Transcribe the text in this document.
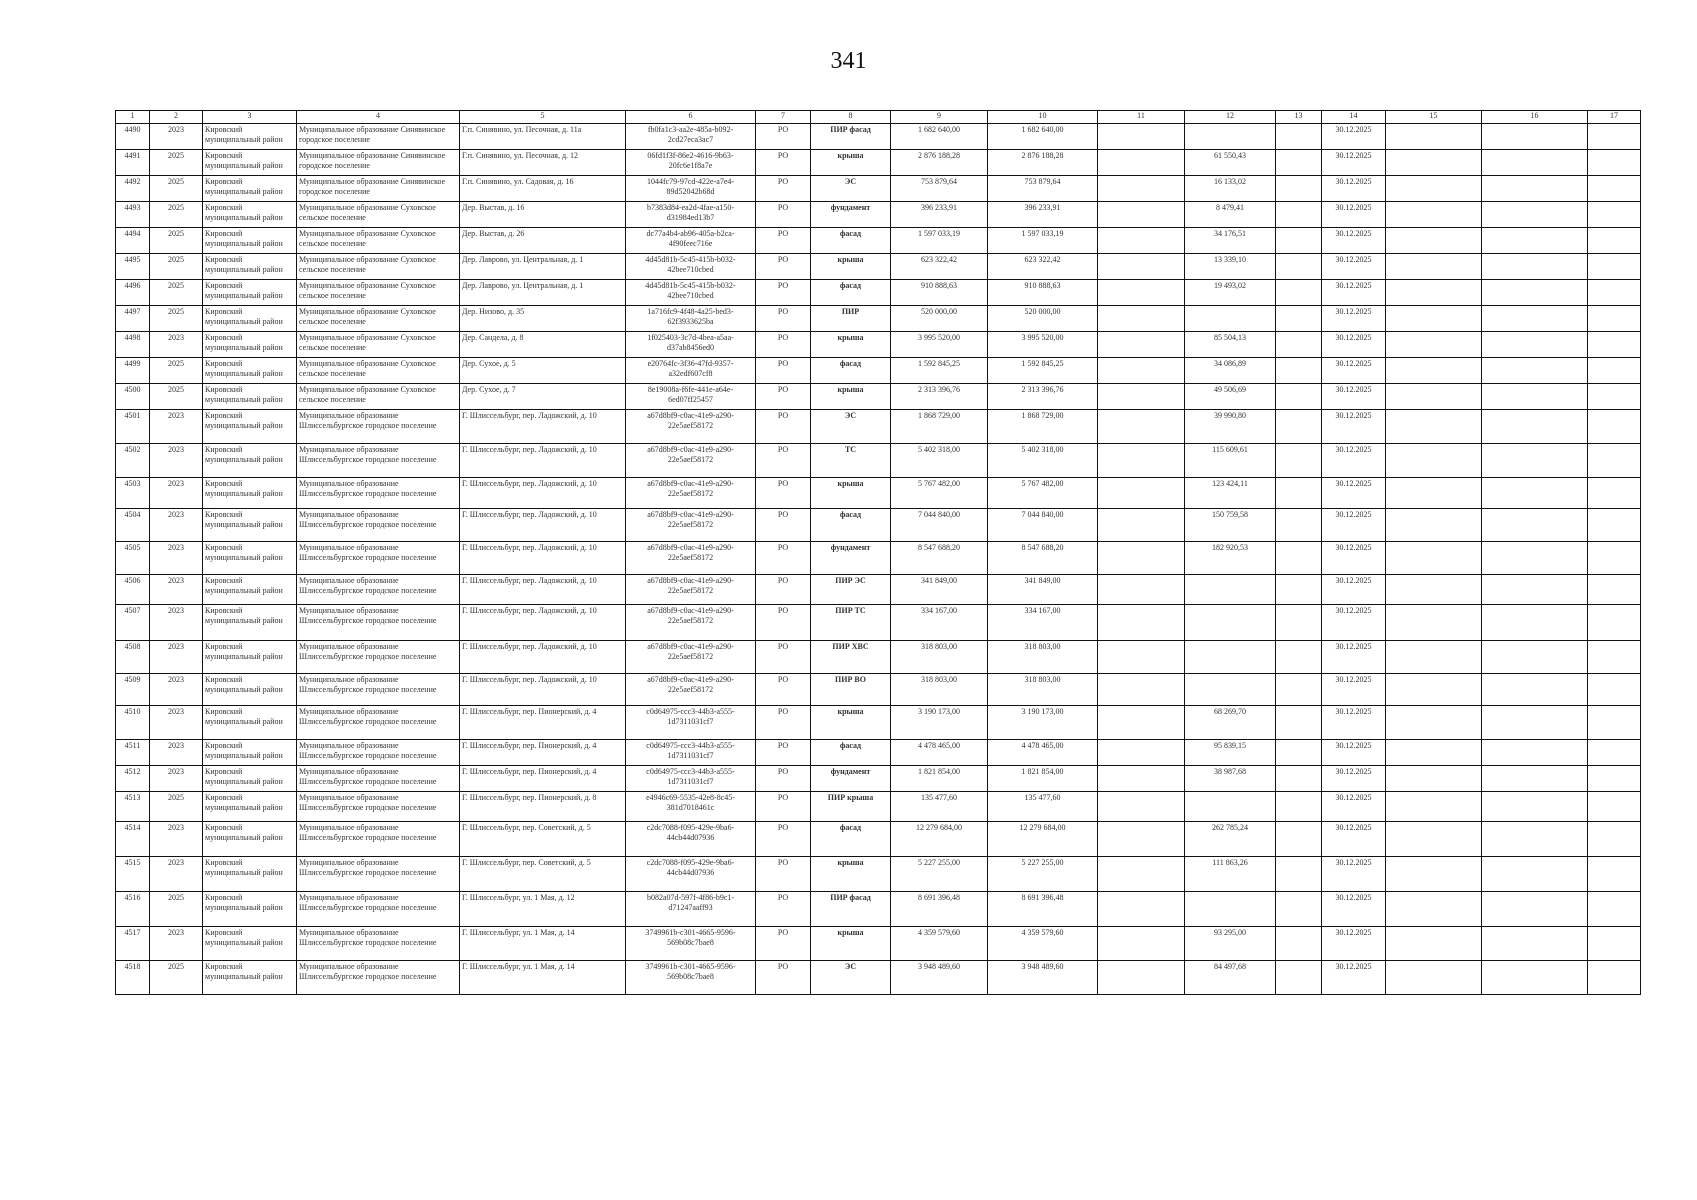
341
1	2	3	4	5	6	7	8	9	10	11	12	13	14	15	16	17
4490	2023	Кировский муниципальный район	Муниципальное образование Синявинское городское поселение	Г.п. Синявино, ул. Песочная, д. 11а	fb0fa1c3-aa2e-485a-b092-2cd27eca3ac7	РО	ПИР фасад	1 682 640,00	1 682 640,00				30.12.2025			
4491	2025	Кировский муниципальный район	Муниципальное образование Синявинское городское поселение	Г.п. Синявино, ул. Песочная, д. 12	06fd1f3f-86e2-4616-9b63-20fc6e1f8a7e	РО	крыша	2 876 188,28	2 876 188,28		61 550,43		30.12.2025			
4492	2025	Кировский муниципальный район	Муниципальное образование Синявинское городское поселение	Г.п. Синявино, ул. Садовая, д. 16	1044fc79-97cd-422e-a7e4-89d52042b68d	РО	ЭС	753 879,64	753 879,64		16 133,02		30.12.2025			
4493	2025	Кировский муниципальный район	Муниципальное образование Суховское сельское поселение	Дер. Выстав, д. 16	b7383d84-ea2d-4fae-a150-d31984ed13b7	РО	фундамент	396 233,91	396 233,91		8 479,41		30.12.2025			
4494	2025	Кировский муниципальный район	Муниципальное образование Суховское сельское поселение	Дер. Выстав, д. 26	dc77a4b4-ab96-405a-b2ca-4f90feec716e	РО	фасад	1 597 033,19	1 597 033,19		34 176,51		30.12.2025			
4495	2025	Кировский муниципальный район	Муниципальное образование Суховское сельское поселение	Дер. Лаврово, ул. Центральная, д. 1	4d45d81b-5c45-415b-b032-42bee710cbed	РО	крыша	623 322,42	623 322,42		13 339,10		30.12.2025			
4496	2025	Кировский муниципальный район	Муниципальное образование Суховское сельское поселение	Дер. Лаврово, ул. Центральная, д. 1	4d45d81b-5c45-415b-b032-42bee710cbed	РО	фасад	910 888,63	910 888,63		19 493,02		30.12.2025			
4497	2025	Кировский муниципальный район	Муниципальное образование Суховское сельское поселение	Дер. Низово, д. 35	1a716fc9-4f48-4a25-bed3-62f3933625ba	РО	ПИР	520 000,00	520 000,00				30.12.2025			
4498	2023	Кировский муниципальный район	Муниципальное образование Суховское сельское поселение	Дер. Сандела, д. 8	1f025403-3c7d-4bea-a5aa-d37ab8456ed0	РО	крыша	3 995 520,00	3 995 520,00		85 504,13		30.12.2025			
4499	2025	Кировский муниципальный район	Муниципальное образование Суховское сельское поселение	Дер. Сухое, д. 5	e20764fc-3f36-47fd-9357-a32edf607cf8	РО	фасад	1 592 845,25	1 592 845,25		34 086,89		30.12.2025			
4500	2025	Кировский муниципальный район	Муниципальное образование Суховское сельское поселение	Дер. Сухое, д. 7	8e19008a-f6fe-441e-a64e-6ed07ff25457	РО	крыша	2 313 396,76	2 313 396,76		49 506,69		30.12.2025			
4501	2023	Кировский муниципальный район	Муниципальное образование Шлиссельбургское городское поселение	Г. Шлиссельбург, пер. Ладожский, д. 10	a67d8bf9-c0ac-41e9-a290-22e5aef58172	РО	ЭС	1 868 729,00	1 868 729,00		39 990,80		30.12.2025			
4502	2023	Кировский муниципальный район	Муниципальное образование Шлиссельбургское городское поселение	Г. Шлиссельбург, пер. Ладожский, д. 10	a67d8bf9-c0ac-41e9-a290-22e5aef58172	РО	ТС	5 402 318,00	5 402 318,00		115 609,61		30.12.2025			
4503	2023	Кировский муниципальный район	Муниципальное образование Шлиссельбургское городское поселение	Г. Шлиссельбург, пер. Ладожский, д. 10	a67d8bf9-c0ac-41e9-a290-22e5aef58172	РО	крыша	5 767 482,00	5 767 482,00		123 424,11		30.12.2025			
4504	2023	Кировский муниципальный район	Муниципальное образование Шлиссельбургское городское поселение	Г. Шлиссельбург, пер. Ладожский, д. 10	a67d8bf9-c0ac-41e9-a290-22e5aef58172	РО	фасад	7 044 840,00	7 044 840,00		150 759,58		30.12.2025			
4505	2023	Кировский муниципальный район	Муниципальное образование Шлиссельбургское городское поселение	Г. Шлиссельбург, пер. Ладожский, д. 10	a67d8bf9-c0ac-41e9-a290-22e5aef58172	РО	фундамент	8 547 688,20	8 547 688,20		182 920,53		30.12.2025			
4506	2023	Кировский муниципальный район	Муниципальное образование Шлиссельбургское городское поселение	Г. Шлиссельбург, пер. Ладожский, д. 10	a67d8bf9-c0ac-41e9-a290-22e5aef58172	РО	ПИР ЭС	341 849,00	341 849,00				30.12.2025			
4507	2023	Кировский муниципальный район	Муниципальное образование Шлиссельбургское городское поселение	Г. Шлиссельбург, пер. Ладожский, д. 10	a67d8bf9-c0ac-41e9-a290-22e5aef58172	РО	ПИР ТС	334 167,00	334 167,00				30.12.2025			
4508	2023	Кировский муниципальный район	Муниципальное образование Шлиссельбургское городское поселение	Г. Шлиссельбург, пер. Ладожский, д. 10	a67d8bf9-c0ac-41e9-a290-22e5aef58172	РО	ПИР ХВС	318 803,00	318 803,00				30.12.2025			
4509	2023	Кировский муниципальный район	Муниципальное образование Шлиссельбургское городское поселение	Г. Шлиссельбург, пер. Ладожский, д. 10	a67d8bf9-c0ac-41e9-a290-22e5aef58172	РО	ПИР ВО	318 803,00	318 803,00				30.12.2025			
4510	2023	Кировский муниципальный район	Муниципальное образование Шлиссельбургское городское поселение	Г. Шлиссельбург, пер. Пионерский, д. 4	c0d64975-ccc3-44b3-a555-1d7311031cf7	РО	крыша	3 190 173,00	3 190 173,00		68 269,70		30.12.2025			
4511	2023	Кировский муниципальный район	Муниципальное образование Шлиссельбургское городское поселение	Г. Шлиссельбург, пер. Пионерский, д. 4	c0d64975-ccc3-44b3-a555-1d7311031cf7	РО	фасад	4 478 465,00	4 478 465,00		95 839,15		30.12.2025			
4512	2023	Кировский муниципальный район	Муниципальное образование Шлиссельбургское городское поселение	Г. Шлиссельбург, пер. Пионерский, д. 4	c0d64975-ccc3-44b3-a555-1d7311031cf7	РО	фундамент	1 821 854,00	1 821 854,00		38 987,68		30.12.2025			
4513	2025	Кировский муниципальный район	Муниципальное образование Шлиссельбургское городское поселение	Г. Шлиссельбург, пер. Пионерский, д. 8	e4946c69-5535-42e8-8c45-381d7018461c	РО	ПИР крыша	135 477,60	135 477,60				30.12.2025			
4514	2023	Кировский муниципальный район	Муниципальное образование Шлиссельбургское городское поселение	Г. Шлиссельбург, пер. Советский, д. 5	c2dc7088-f095-429e-9ba6-44cb44d07936	РО	фасад	12 279 684,00	12 279 684,00		262 785,24		30.12.2025			
4515	2023	Кировский муниципальный район	Муниципальное образование Шлиссельбургское городское поселение	Г. Шлиссельбург, пер. Советский, д. 5	c2dc7088-f095-429e-9ba6-44cb44d07936	РО	крыша	5 227 255,00	5 227 255,00		111 863,26		30.12.2025			
4516	2025	Кировский муниципальный район	Муниципальное образование Шлиссельбургское городское поселение	Г. Шлиссельбург, ул. 1 Мая, д. 12	b082a07d-597f-4f86-b9c1-d71247aaff93	РО	ПИР фасад	8 691 396,48	8 691 396,48				30.12.2025			
4517	2023	Кировский муниципальный район	Муниципальное образование Шлиссельбургское городское поселение	Г. Шлиссельбург, ул. 1 Мая, д. 14	3749961b-c301-4665-9596-569b08c7bae8	РО	крыша	4 359 579,60	4 359 579,60		93 295,00		30.12.2025			
4518	2025	Кировский муниципальный район	Муниципальное образование Шлиссельбургское городское поселение	Г. Шлиссельбург, ул. 1 Мая, д. 14	3749961b-c301-4665-9596-569b08c7bae8	РО	ЭС	3 948 489,60	3 948 489,60		84 497,68		30.12.2025			
